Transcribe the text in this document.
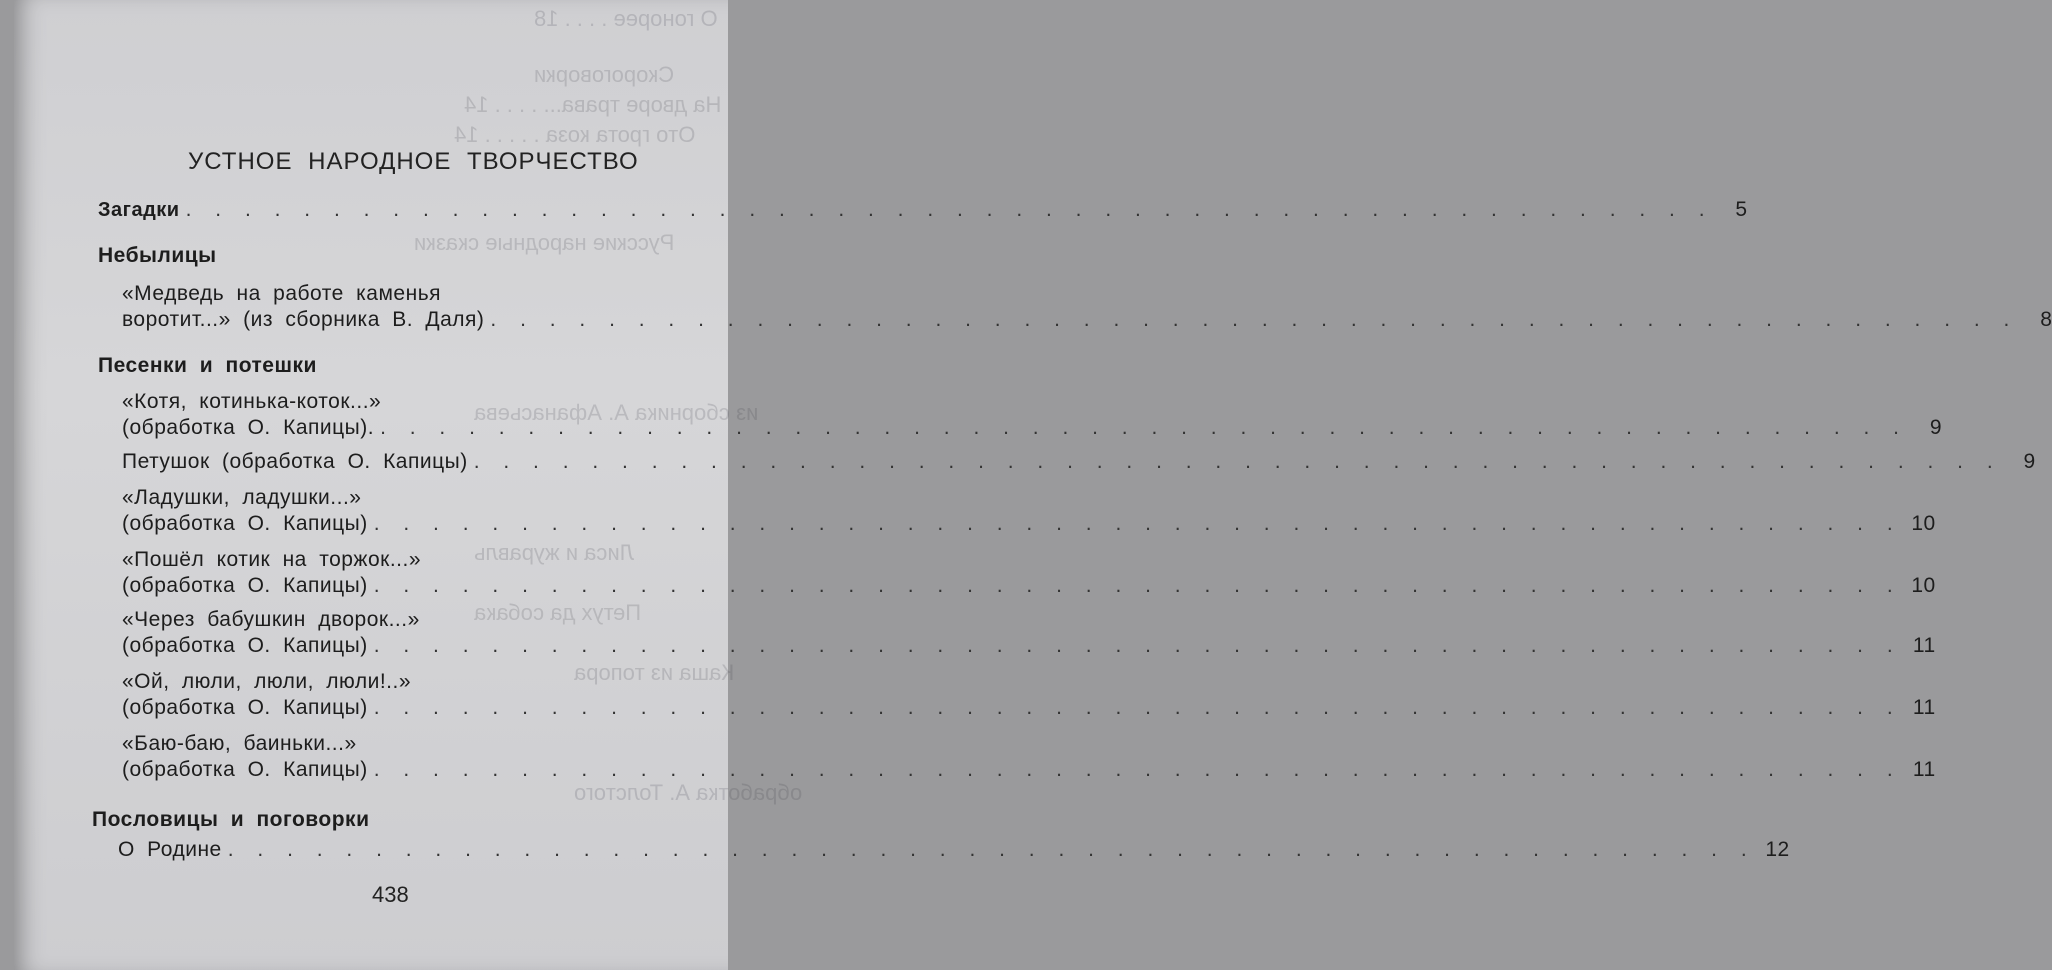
О гонорее . . . . 18
Скороговорки
На дворе трава... . . . . 14
Ото грота коза . . . . . 14
Русские народные сказки
из сборника А. Афанасьева
Лиса и журавль
Петух да собака
Каша из топора
обработка А. Толстого
УСТНОЕ НАРОДНОЕ ТВОРЧЕСТВО
Загадки . . .	5
Небылицы
«Медведь на работе каменья
воротит...» (из сборника В. Даля) . . .	8
Песенки и потешки
«Котя, котинька-коток...»
(обработка О. Капицы). . . .	9
Петушок (обработка О. Капицы) . . .	9
«Ладушки, ладушки...»
(обработка О. Капицы) . . .	10
«Пошёл котик на торжок...»
(обработка О. Капицы) . . .	10
«Через бабушкин дворок...»
(обработка О. Капицы) . . .	11
«Ой, люли, люли, люли!..»
(обработка О. Капицы) . . .	11
«Баю-баю, баиньки...»
(обработка О. Капицы) . . .	11
Пословицы и поговорки
О Родине . . .	12
438
